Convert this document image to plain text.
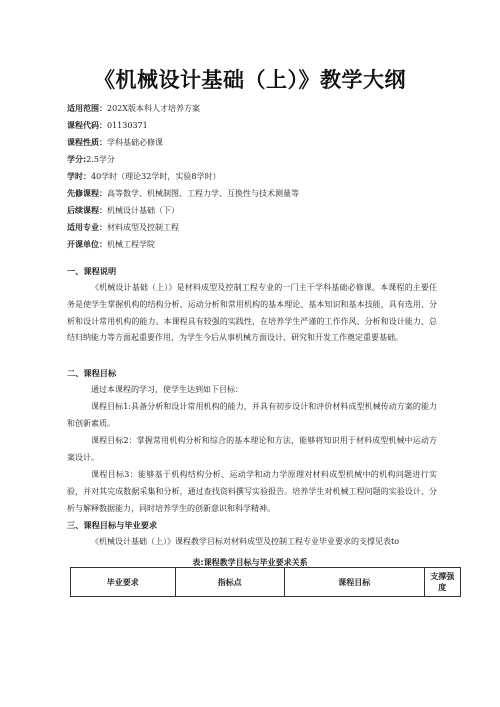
《机械设计基础（上）》教学大纲
适用范围：202X版本科人才培养方案
课程代码：01130371
课程性质：学科基础必修课
学分:2.5学分
学时：40学时（理论32学时，实验8学时）
先修课程：高等数学、机械制图、工程力学、互换性与技术测量等
后续课程：机械设计基础（下）
适用专业：材料成型及控制工程
开课单位：机械工程学院
一、课程说明
《机械设计基础（上）》是材料成型及控制工程专业的一门主干学科基础必修课。本课程的主要任务是使学生掌握机构的结构分析、运动分析和常用机构的基本理论、基本知识和基本技能，具有选用、分析和设计常用机构的能力。本课程具有较强的实践性，在培养学生严谨的工作作风、分析和设计能力、总结归纳能力等方面起重要作用，为学生今后从事机械方面设计、研究和开发工作奠定重要基础。
二、课程目标
通过本课程的学习，使学生达到如下目标：
课程目标1:具备分析和设计常用机构的能力，并具有初步设计和评价材料成型机械传动方案的能力和创新素质。
课程目标2：掌握常用机构分析和综合的基本理论和方法，能够将知识用于材料成型机械中运动方案设计。
课程目标3：能够基于机构结构分析、运动学和动力学原理对材料成型机械中的机构问题进行实验，并对其完成数据采集和分析，通过查找资料撰写实验报告。培养学生对机械工程问题的实验设计、分析与解释数据能力，同时培养学生的创新意识和科学精神。
三、课程目标与毕业要求
《机械设计基础（上）》课程教学目标对材料成型及控制工程专业毕业要求的支撑见表to
表:课程教学目标与毕业要求关系
毕业要求	指标点	课程目标	支撑强度
